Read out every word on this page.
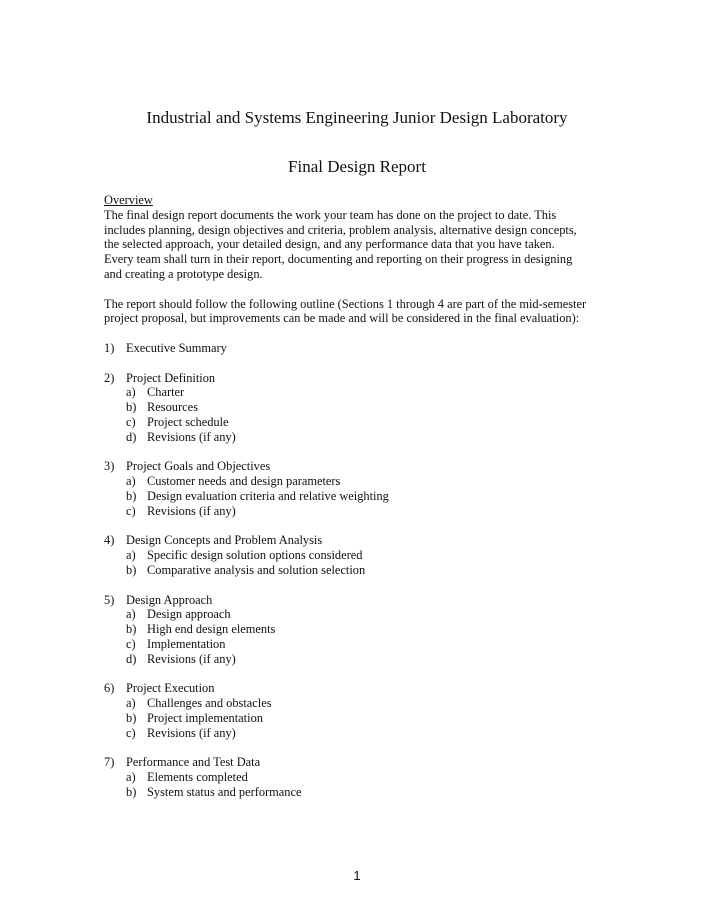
Industrial and Systems Engineering Junior Design Laboratory
Final Design Report

Overview

The final design report documents the work your team has done on the project to date. This

includes planning, design objectives and criteria, problem analysis, alternative design concepts,

the selected approach, your detailed design, and any performance data that you have taken.

Every team shall turn in their report, documenting and reporting on their progress in designing

and creating a prototype design.

The report should follow the following outline (Sections 1 through 4 are part of the mid-semester

project proposal, but improvements can be made and will be considered in the final evaluation):

1) Executive Summary
2) Project Definition
a) Charter
b) Resources
c) Project schedule
d) Revisions (if any)
3) Project Goals and Objectives
a) Customer needs and design parameters
b) Design evaluation criteria and relative weighting
c) Revisions (if any)
4) Design Concepts and Problem Analysis
a) Specific design solution options considered
b) Comparative analysis and solution selection
5) Design Approach
a) Design approach
b) High end design elements
c) Implementation
d) Revisions (if any)
6) Project Execution
a) Challenges and obstacles
b) Project implementation
c) Revisions (if any)
7) Performance and Test Data
a) Elements completed
b) System status and performance
1
